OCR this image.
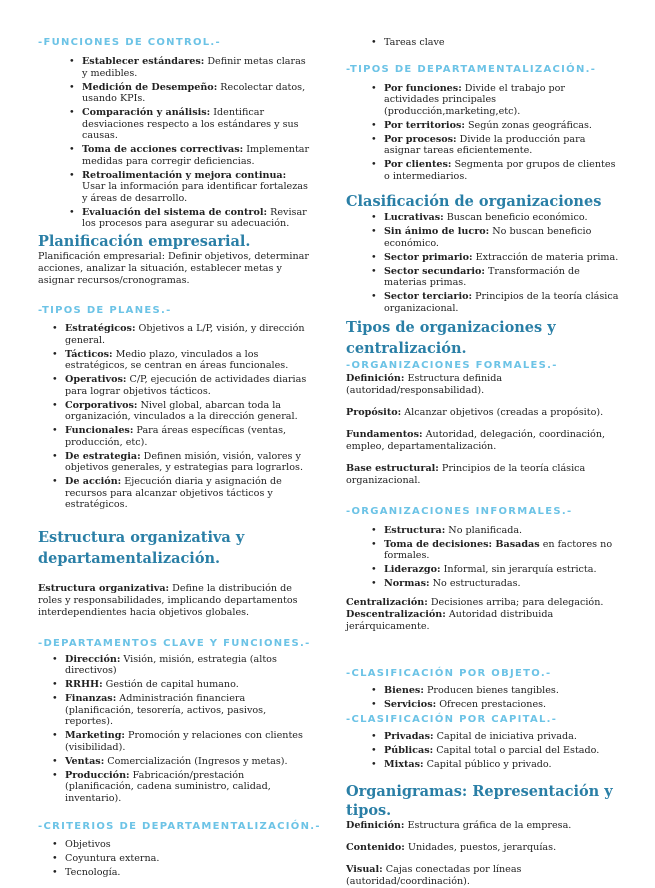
-FUNCIONES DE CONTROL.-
• Establecer estándares: Definir metas claras y medibles.
• Medición de Desempeño: Recolectar datos, usando KPIs.
• Comparación y análisis: Identificar desviaciones respecto a los estándares y sus causas.
• Toma de acciones correctivas: Implementar medidas para corregir deficiencias.
• Retroalimentación y mejora continua: Usar la información para identificar fortalezas y áreas de desarrollo.
• Evaluación del sistema de control: Revisar los procesos para asegurar su adecuación.
Planificación empresarial.

Planificación empresarial: Definir objetivos, determinar acciones, analizar la situación, establecer metas y asignar recursos/cronogramas.

-TIPOS DE PLANES.-
• Estratégicos: Objetivos a L/P, visión, y dirección general.
• Tácticos: Medio plazo, vinculados a los estratégicos, se centran en áreas funcionales.
• Operativos: C/P, ejecución de actividades diarias para lograr objetivos tácticos.
• Corporativos: Nivel global, abarcan toda la organización, vinculados a la dirección general.
• Funcionales: Para áreas específicas (ventas, producción, etc).
• De estrategia: Definen misión, visión, valores y objetivos generales, y estrategias para lograrlos.
• De acción: Ejecución diaria y asignación de recursos para alcanzar objetivos tácticos y estratégicos.
Estructura organizativa y departamentalización.

Estructura organizativa: Define la distribución de roles y responsabilidades, implicando departamentos interdependientes hacia objetivos globales.

-DEPARTAMENTOS CLAVE Y FUNCIONES.-
• Dirección: Visión, misión, estrategia (altos directivos)
• RRHH: Gestión de capital humano.
• Finanzas: Administración financiera (planificación, tesorería, activos, pasivos, reportes).
• Marketing: Promoción y relaciones con clientes (visibilidad).
• Ventas: Comercialización (Ingresos y metas).
• Producción: Fabricación/prestación (planificación, cadena suministro, calidad, inventario).
-CRITERIOS DE DEPARTAMENTALIZACIÓN.-
• Objetivos
• Coyuntura externa.
• Tecnología.
• Tareas clave
-TIPOS DE DEPARTAMENTALIZACIÓN.-
• Por funciones: Divide el trabajo por actividades principales (producción,marketing,etc).
• Por territorios: Según zonas geográficas.
• Por procesos: Divide la producción para asignar tareas eficientemente.
• Por clientes: Segmenta por grupos de clientes o intermediarios.
Clasificación de organizaciones
• Lucrativas: Buscan beneficio económico.
• Sin ánimo de lucro: No buscan beneficio económico.
• Sector primario: Extracción de materia prima.
• Sector secundario: Transformación de materias primas.
• Sector terciario: Principios de la teoría clásica organizacional.
Tipos de organizaciones y centralización.
-ORGANIZACIONES FORMALES.-

Definición: Estructura definida (autoridad/responsabilidad).

Propósito: Alcanzar objetivos (creadas a propósito).

Fundamentos: Autoridad, delegación, coordinación, empleo, departamentalización.

Base estructural: Principios de la teoría clásica organizacional.

-ORGANIZACIONES INFORMALES.-
• Estructura: No planificada.
• Toma de decisiones: Basadas en factores no formales.
• Liderazgo: Informal, sin jerarquía estricta.
• Normas: No estructuradas.

Centralización: Decisiones arriba; para delegación.

Descentralización: Autoridad distribuida jerárquicamente.

-CLASIFICACIÓN POR OBJETO.-
• Bienes: Producen bienes tangibles.
• Servicios: Ofrecen prestaciones.
-CLASIFICACIÓN POR CAPITAL.-
• Privadas: Capital de iniciativa privada.
• Públicas: Capital total o parcial del Estado.
• Mixtas: Capital público y privado.
Organigramas: Representación y tipos.

Definición: Estructura gráfica de la empresa.

Contenido: Unidades, puestos, jerarquías.

Visual: Cajas conectadas por líneas (autoridad/coordinación).
